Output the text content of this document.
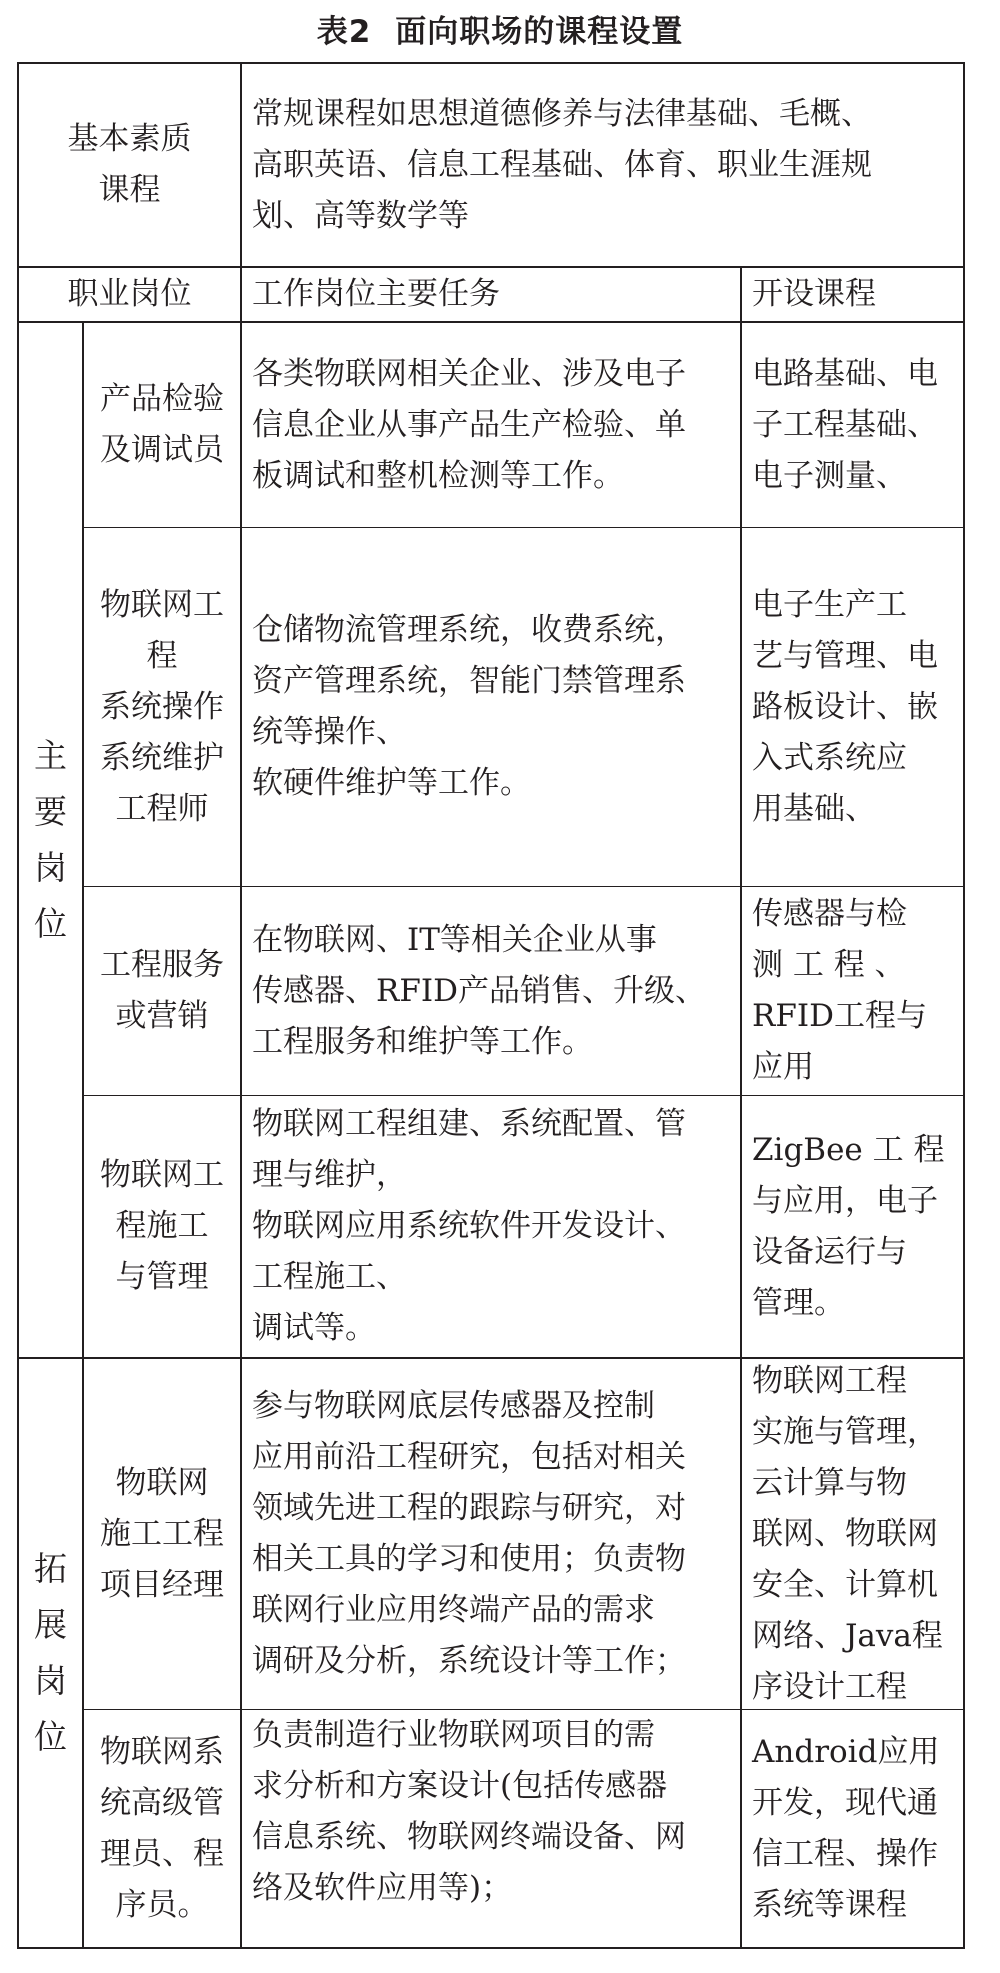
表2 面向职场的课程设置
基本素质
课程
常规课程如思想道德修养与法律基础、毛概、
高职英语、信息工程基础、体育、职业生涯规
划、高等数学等
职业岗位	工作岗位主要任务	开设课程
主
要
岗
位
拓
展
岗
位
产品检验
及调试员
各类物联网相关企业、涉及电子
信息企业从事产品生产检验、单
板调试和整机检测等工作。
电路基础、电
子工程基础、
电子测量、
物联网工
程
系统操作
系统维护
工程师
仓储物流管理系统，收费系统，
资产管理系统，智能门禁管理系
统等操作、
软硬件维护等工作。
电子生产工
艺与管理、电
路板设计、嵌
入式系统应
用基础、
工程服务
或营销
在物联网、IT等相关企业从事
传感器、RFID产品销售、升级、
工程服务和维护等工作。
传感器与检
测 工 程 、
RFID工程与
应用
物联网工
程施工
与管理
物联网工程组建、系统配置、管
理与维护，
物联网应用系统软件开发设计、
工程施工、
调试等。
ZigBee 工 程
与应用，电子
设备运行与
管理。
物联网
施工工程
项目经理
参与物联网底层传感器及控制
应用前沿工程研究，包括对相关
领域先进工程的跟踪与研究，对
相关工具的学习和使用；负责物
联网行业应用终端产品的需求
调研及分析，系统设计等工作；
物联网工程
实施与管理，
云计算与物
联网、物联网
安全、计算机
网络、Java程
序设计工程
物联网系
统高级管
理员、程
序员。
负责制造行业物联网项目的需
求分析和方案设计(包括传感器
信息系统、物联网终端设备、网
络及软件应用等)；
Android应用
开发，现代通
信工程、操作
系统等课程
